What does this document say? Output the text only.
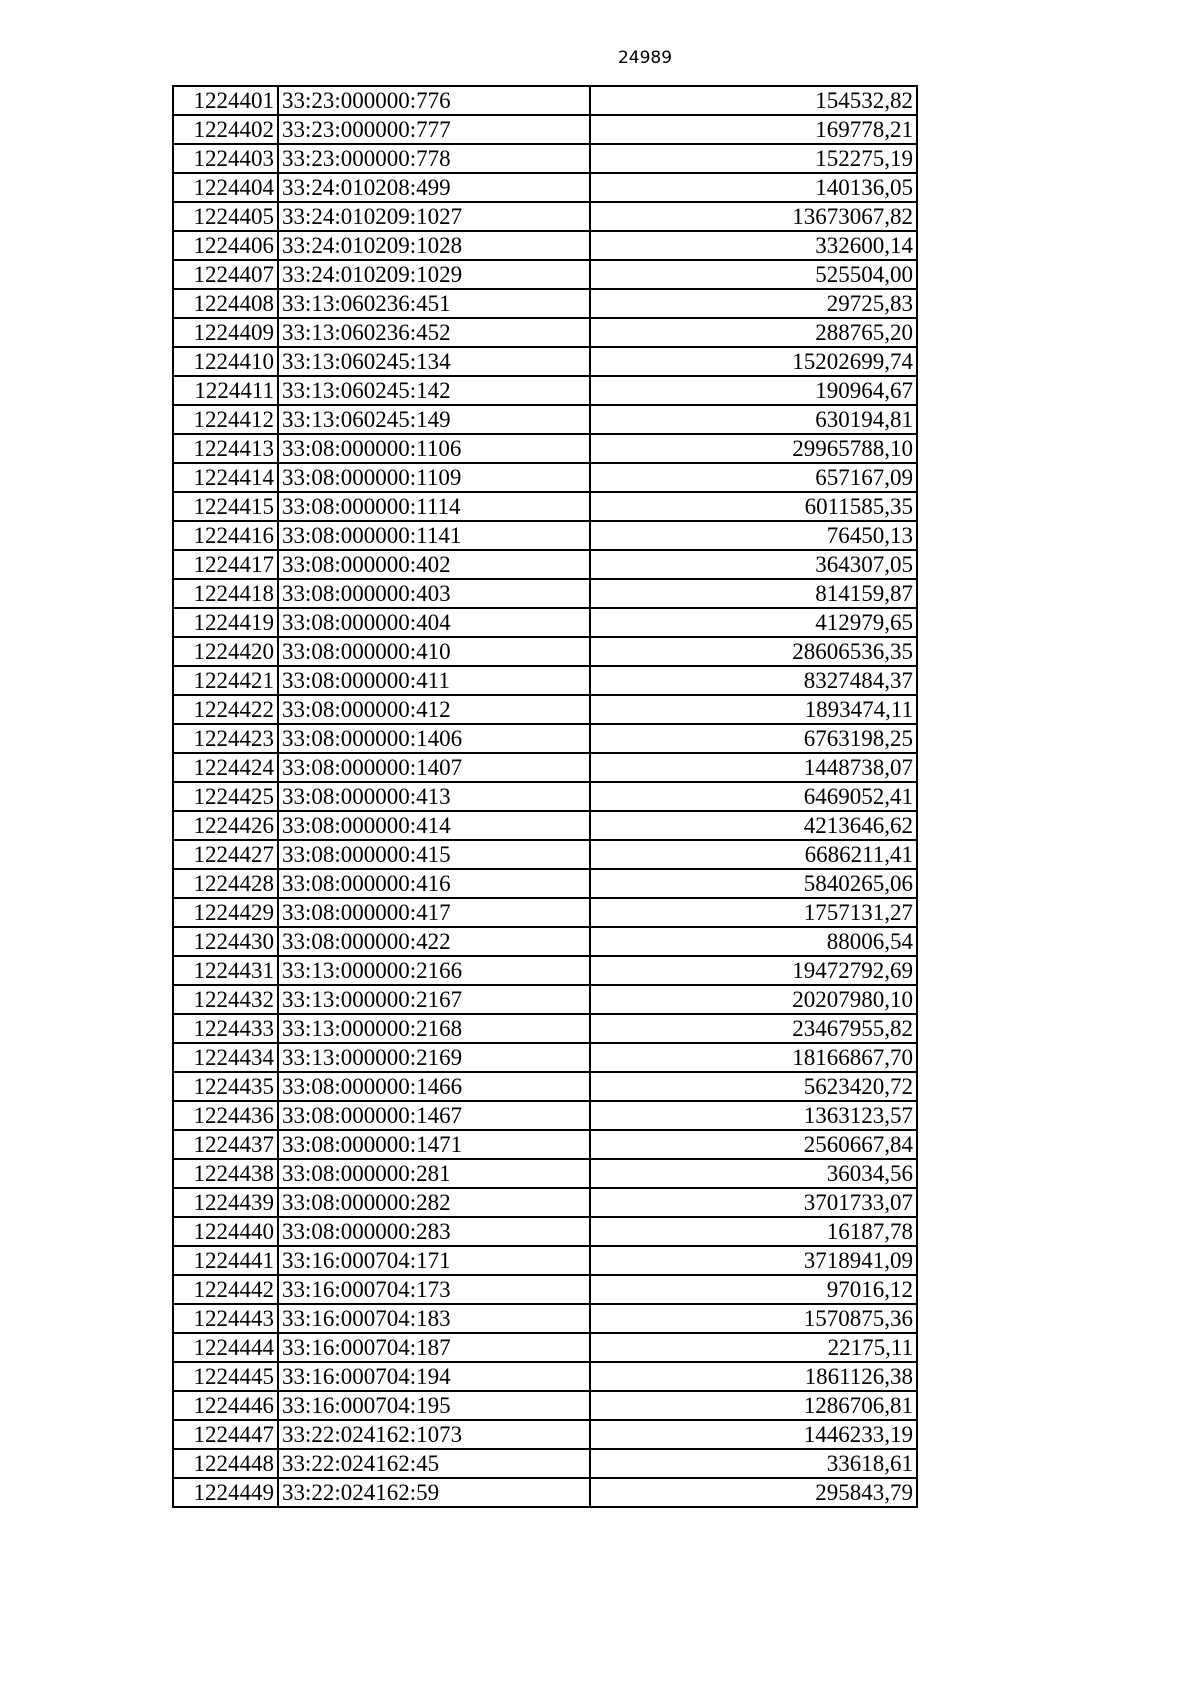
24989
1224401	33:23:000000:776	154532,82
1224402	33:23:000000:777	169778,21
1224403	33:23:000000:778	152275,19
1224404	33:24:010208:499	140136,05
1224405	33:24:010209:1027	13673067,82
1224406	33:24:010209:1028	332600,14
1224407	33:24:010209:1029	525504,00
1224408	33:13:060236:451	29725,83
1224409	33:13:060236:452	288765,20
1224410	33:13:060245:134	15202699,74
1224411	33:13:060245:142	190964,67
1224412	33:13:060245:149	630194,81
1224413	33:08:000000:1106	29965788,10
1224414	33:08:000000:1109	657167,09
1224415	33:08:000000:1114	6011585,35
1224416	33:08:000000:1141	76450,13
1224417	33:08:000000:402	364307,05
1224418	33:08:000000:403	814159,87
1224419	33:08:000000:404	412979,65
1224420	33:08:000000:410	28606536,35
1224421	33:08:000000:411	8327484,37
1224422	33:08:000000:412	1893474,11
1224423	33:08:000000:1406	6763198,25
1224424	33:08:000000:1407	1448738,07
1224425	33:08:000000:413	6469052,41
1224426	33:08:000000:414	4213646,62
1224427	33:08:000000:415	6686211,41
1224428	33:08:000000:416	5840265,06
1224429	33:08:000000:417	1757131,27
1224430	33:08:000000:422	88006,54
1224431	33:13:000000:2166	19472792,69
1224432	33:13:000000:2167	20207980,10
1224433	33:13:000000:2168	23467955,82
1224434	33:13:000000:2169	18166867,70
1224435	33:08:000000:1466	5623420,72
1224436	33:08:000000:1467	1363123,57
1224437	33:08:000000:1471	2560667,84
1224438	33:08:000000:281	36034,56
1224439	33:08:000000:282	3701733,07
1224440	33:08:000000:283	16187,78
1224441	33:16:000704:171	3718941,09
1224442	33:16:000704:173	97016,12
1224443	33:16:000704:183	1570875,36
1224444	33:16:000704:187	22175,11
1224445	33:16:000704:194	1861126,38
1224446	33:16:000704:195	1286706,81
1224447	33:22:024162:1073	1446233,19
1224448	33:22:024162:45	33618,61
1224449	33:22:024162:59	295843,79
